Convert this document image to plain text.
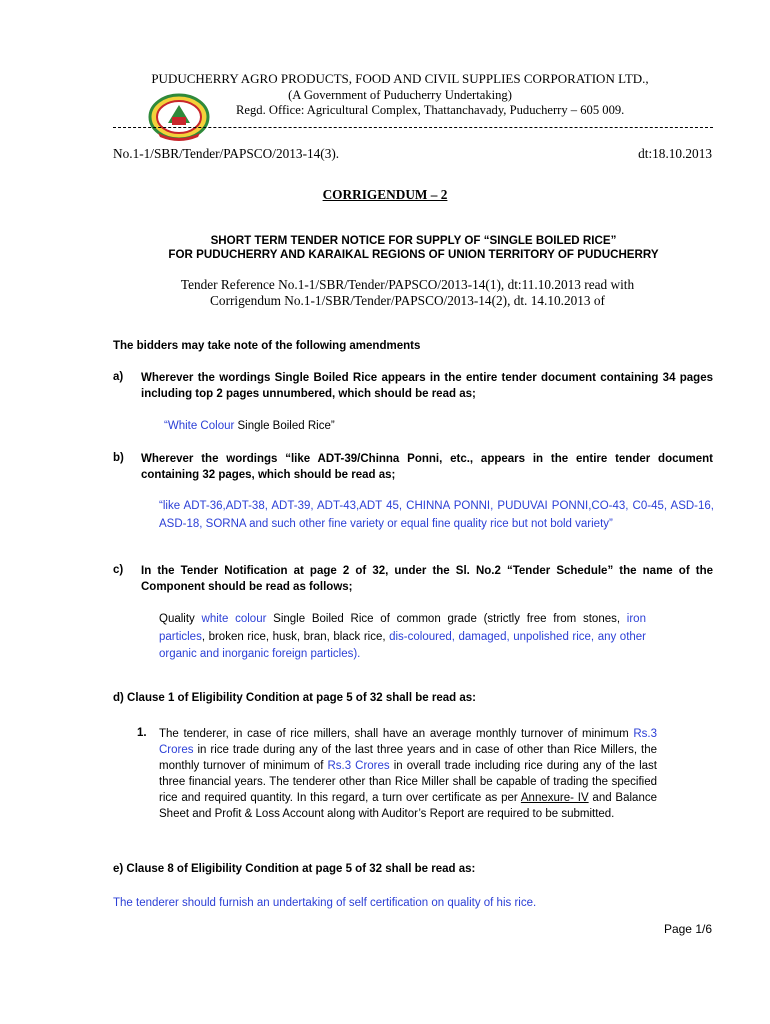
PUDUCHERRY AGRO PRODUCTS, FOOD AND CIVIL SUPPLIES CORPORATION LTD.,
(A Government of Puducherry Undertaking)
Regd. Office: Agricultural Complex, Thattanchavady, Puducherry – 605 009.
No.1-1/SBR/Tender/PAPSCO/2013-14(3).	dt:18.10.2013
CORRIGENDUM – 2
SHORT TERM TENDER NOTICE FOR SUPPLY OF “SINGLE BOILED RICE”
FOR PUDUCHERRY AND KARAIKAL REGIONS OF UNION TERRITORY OF PUDUCHERRY
Tender Reference No.1-1/SBR/Tender/PAPSCO/2013-14(1), dt:11.10.2013 read with
Corrigendum No.1-1/SBR/Tender/PAPSCO/2013-14(2), dt. 14.10.2013 of
The bidders may take note of the following amendments
a) Wherever the wordings Single Boiled Rice appears in the entire tender document containing 34 pages including top 2 pages unnumbered, which should be read as;
“White Colour Single Boiled Rice”
b) Wherever the wordings “like ADT-39/Chinna Ponni, etc., appears in the entire tender document containing 32 pages, which should be read as;
“like ADT-36,ADT-38, ADT-39, ADT-43,ADT 45, CHINNA PONNI, PUDUVAI PONNI,CO-43, C0-45, ASD-16, ASD-18, SORNA and such other fine variety or equal fine quality rice but not bold variety”
c) In the Tender Notification at page 2 of 32, under the Sl. No.2 “Tender Schedule” the name of the Component should be read as follows;
Quality white colour Single Boiled Rice of common grade (strictly free from stones, iron particles, broken rice, husk, bran, black rice, dis-coloured, damaged, unpolished rice, any other organic and inorganic foreign particles).
d) Clause 1 of Eligibility Condition at page 5 of 32 shall be read as:
1. The tenderer, in case of rice millers, shall have an average monthly turnover of minimum Rs.3 Crores in rice trade during any of the last three years and in case of other than Rice Millers, the monthly turnover of minimum of Rs.3 Crores in overall trade including rice during any of the last three financial years. The tenderer other than Rice Miller shall be capable of trading the specified rice and required quantity. In this regard, a turn over certificate as per Annexure- IV and Balance Sheet and Profit & Loss Account along with Auditor’s Report are required to be submitted.
e) Clause 8 of Eligibility Condition at page 5 of 32 shall be read as:
The tenderer should furnish an undertaking of self certification on quality of his rice.
Page 1/6
